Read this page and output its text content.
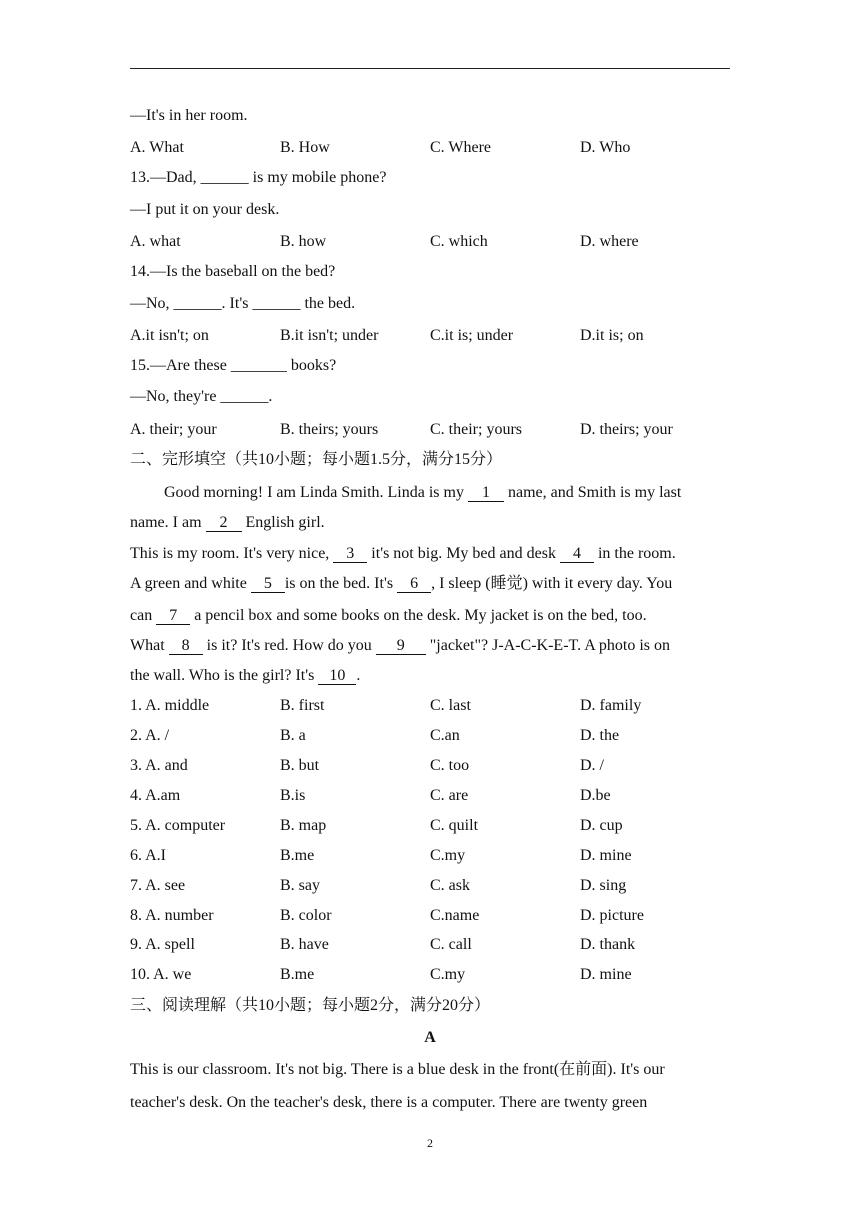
—It's in her room.
A. What	B. How	C. Where	D. Who
13.—Dad, ______ is my mobile phone?
—I put it on your desk.
A. what	B. how	C. which	D. where
14.—Is the baseball on the bed?
—No, ______. It's ______ the bed.
A.it isn't; on	B.it isn't; under	C.it is; under	D.it is; on
15.—Are these _______ books?
—No, they're ______.
A. their; your	B. theirs; yours	C. their; yours	D. theirs; your
二、完形填空（共10小题；每小题1.5分，满分15分）
Good morning! I am Linda Smith. Linda is my 1 name, and Smith is my last
name. I am 2 English girl.
This is my room. It's very nice, 3 it's not big. My bed and desk 4 in the room.
A green and white 5 is on the bed. It's 6 , I sleep (睡觉) with it every day. You
can 7 a pencil box and some books on the desk. My jacket is on the bed, too.
What 8 is it? It's red. How do you 9 "jacket"? J-A-C-K-E-T. A photo is on
the wall. Who is the girl? It's 10 .
1. A. middle	B. first	C. last	D. family
2. A. /	B. a	C.an	D. the
3. A. and	B. but	C. too	D. /
4. A.am	B.is	C. are	D.be
5. A. computer	B. map	C. quilt	D. cup
6. A.I	B.me	C.my	D. mine
7. A. see	B. say	C. ask	D. sing
8. A. number	B. color	C.name	D. picture
9. A. spell	B. have	C. call	D. thank
10. A. we	B.me	C.my	D. mine
三、阅读理解（共10小题；每小题2分，满分20分）
A
This is our classroom. It's not big. There is a blue desk in the front(在前面). It's our
teacher's desk. On the teacher's desk, there is a computer. There are twenty green
2
